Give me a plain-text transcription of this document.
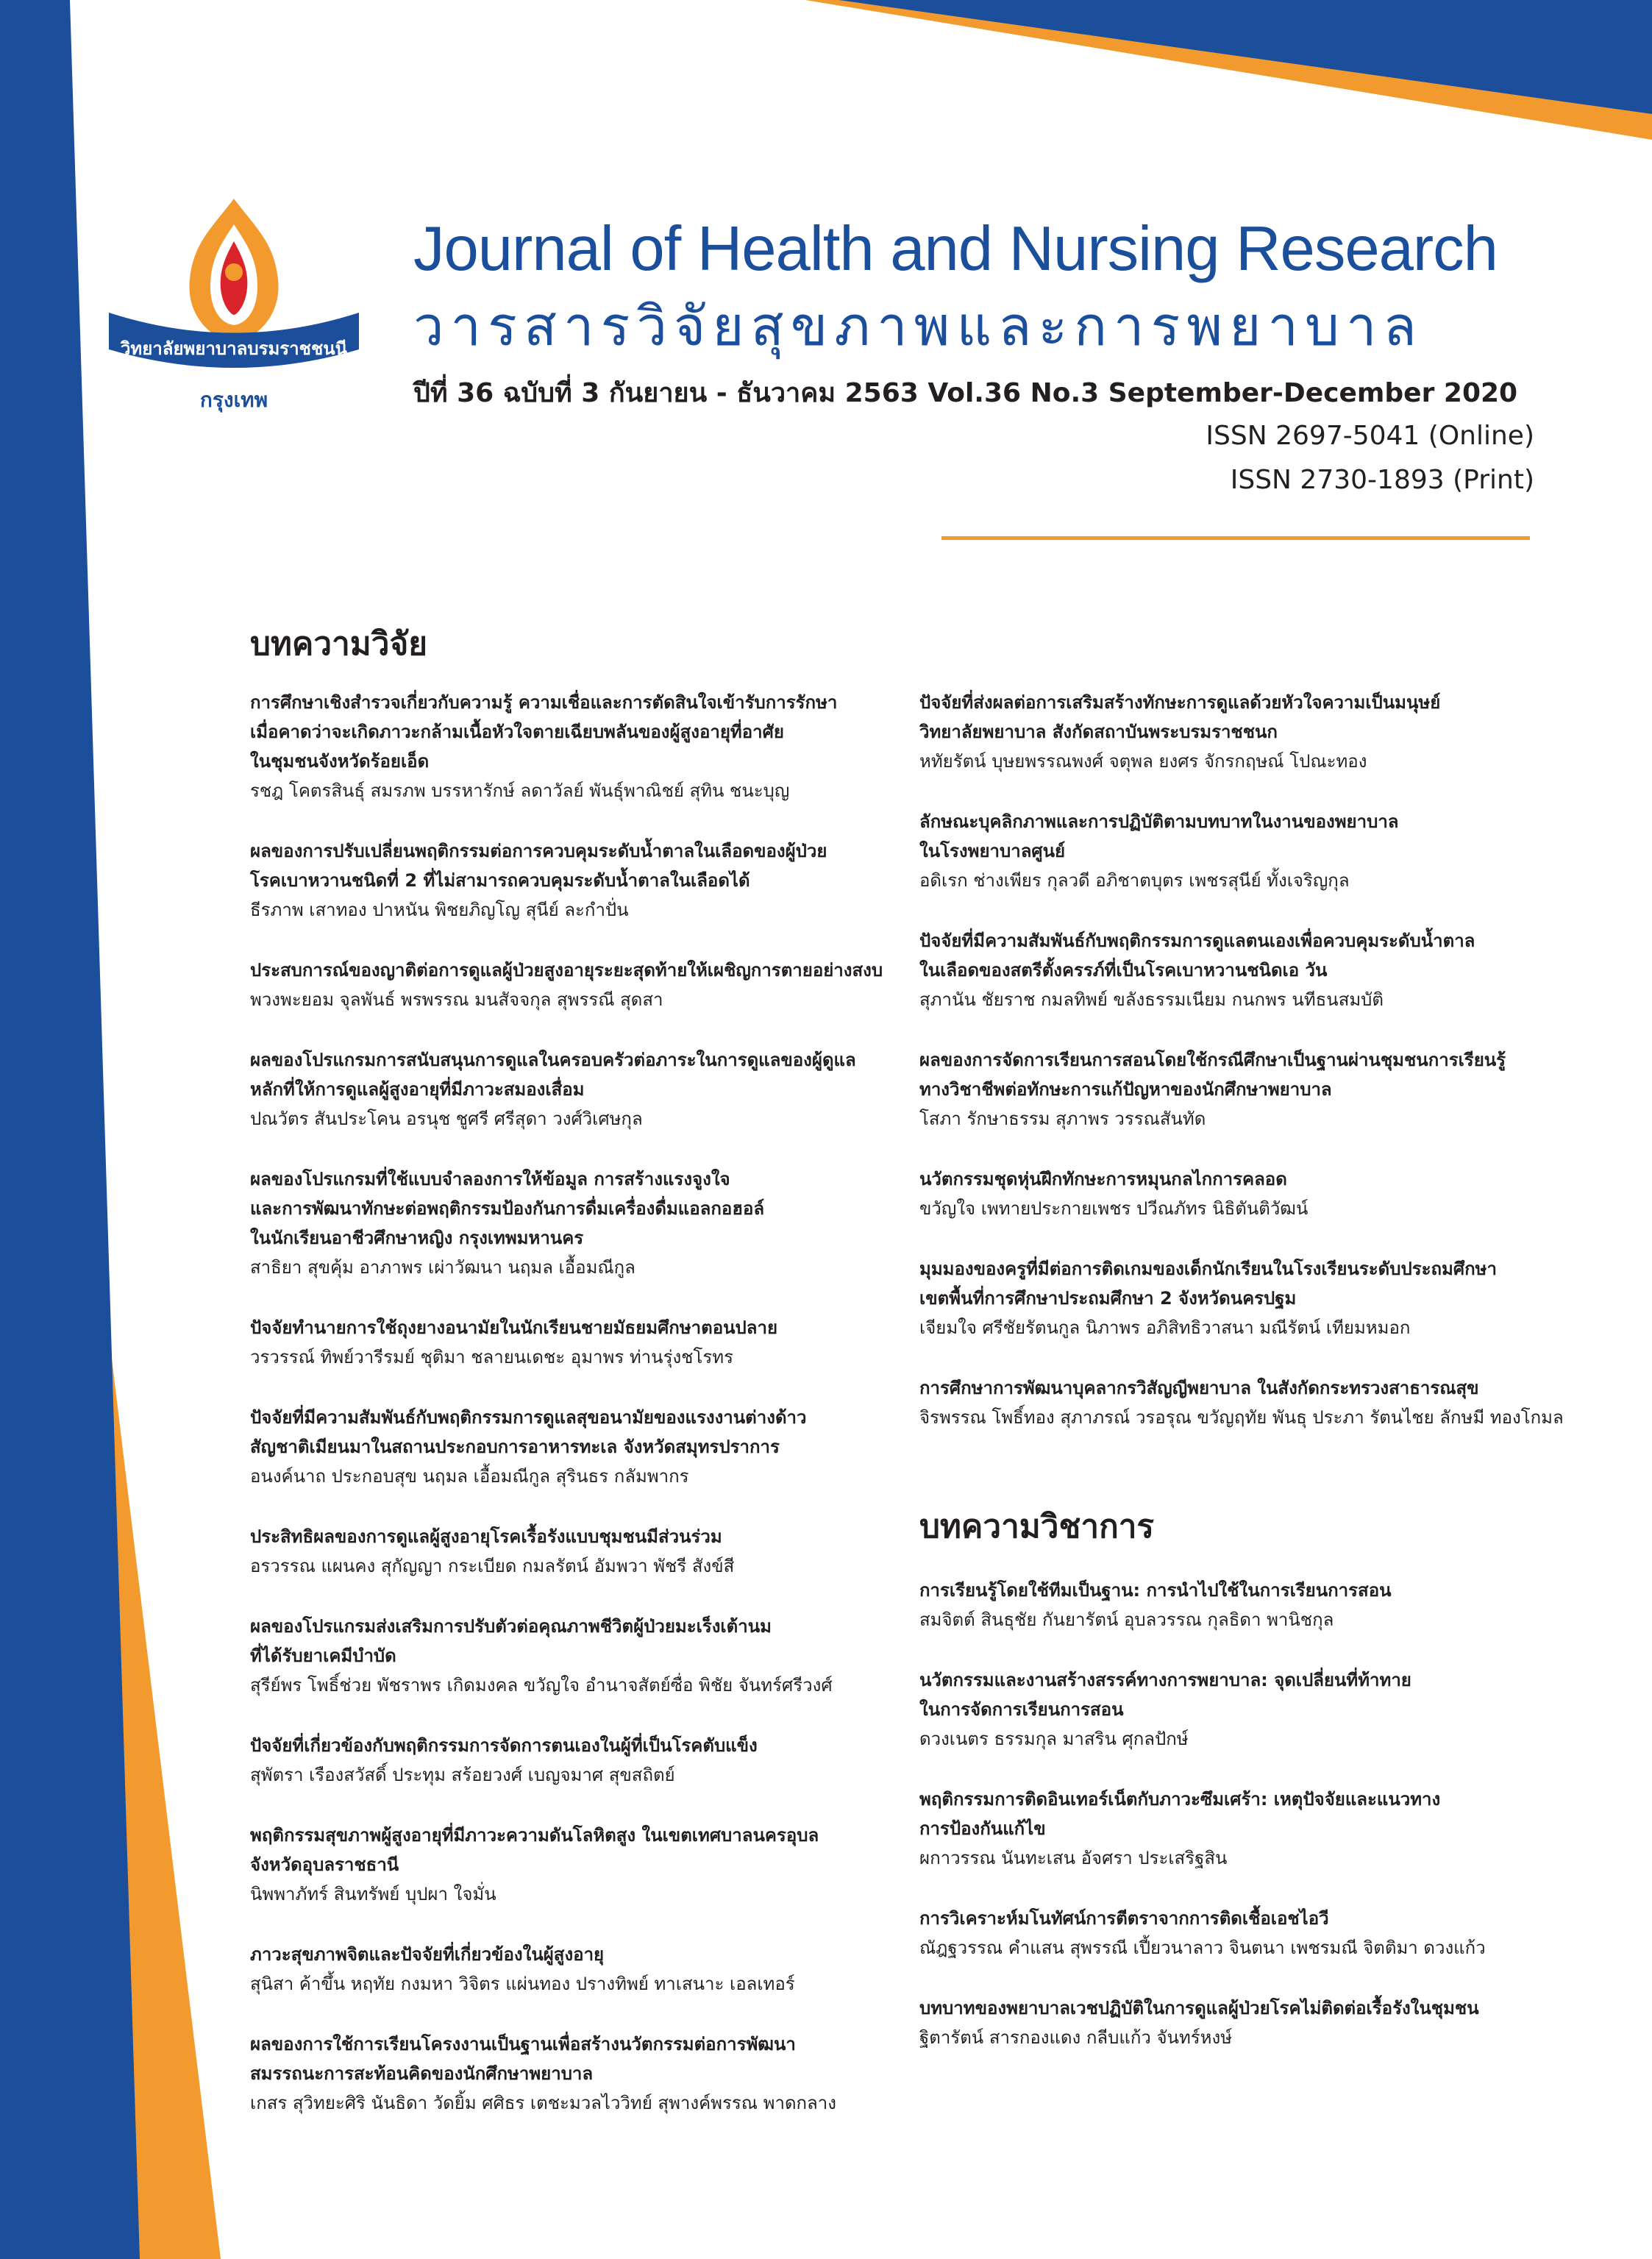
วิทยาลัยพยาบาลบรมราชชนนี
กรุงเทพ
Journal of Health and Nursing Research
วารสารวิจัยสุขภาพและการพยาบาล
ปีที่ 36 ฉบับที่ 3 กันยายน - ธันวาคม 2563 Vol.36 No.3 September-December 2020
ISSN 2697-5041 (Online)
ISSN 2730-1893 (Print)
บทความวิจัย
การศึกษาเชิงสำรวจเกี่ยวกับความรู้ ความเชื่อและการตัดสินใจเข้ารับการรักษา
เมื่อคาดว่าจะเกิดภาวะกล้ามเนื้อหัวใจตายเฉียบพลันของผู้สูงอายุที่อาศัย
ในชุมชนจังหวัดร้อยเอ็ด
รชฎ โคตรสินธุ์ สมรภพ บรรหารักษ์ ลดาวัลย์ พันธุ์พาณิชย์ สุทิน ชนะบุญ
ผลของการปรับเปลี่ยนพฤติกรรมต่อการควบคุมระดับน้ำตาลในเลือดของผู้ป่วย
โรคเบาหวานชนิดที่ 2 ที่ไม่สามารถควบคุมระดับน้ำตาลในเลือดได้
ธีรภาพ เสาทอง ปาหนัน พิชยภิญโญ สุนีย์ ละกำปั่น
ประสบการณ์ของญาติต่อการดูแลผู้ป่วยสูงอายุระยะสุดท้ายให้เผชิญการตายอย่างสงบ
พวงพะยอม จุลพันธ์ พรพรรณ มนสัจจกุล สุพรรณี สุดสา
ผลของโปรแกรมการสนับสนุนการดูแลในครอบครัวต่อภาระในการดูแลของผู้ดูแล
หลักที่ให้การดูแลผู้สูงอายุที่มีภาวะสมองเสื่อม
ปณวัตร สันประโคน อรนุช ชูศรี ศรีสุดา วงศ์วิเศษกุล
ผลของโปรแกรมที่ใช้แบบจำลองการให้ข้อมูล การสร้างแรงจูงใจ
และการพัฒนาทักษะต่อพฤติกรรมป้องกันการดื่มเครื่องดื่มแอลกอฮอล์
ในนักเรียนอาชีวศึกษาหญิง กรุงเทพมหานคร
สาธิยา สุขคุ้ม อาภาพร เผ่าวัฒนา นฤมล เอื้อมณีกูล
ปัจจัยทำนายการใช้ถุงยางอนามัยในนักเรียนชายมัธยมศึกษาตอนปลาย
วรวรรณ์ ทิพย์วารีรมย์ ชุติมา ชลายนเดชะ อุมาพร ท่านรุ่งชโรทร
ปัจจัยที่มีความสัมพันธ์กับพฤติกรรมการดูแลสุขอนามัยของแรงงานต่างด้าว
สัญชาติเมียนมาในสถานประกอบการอาหารทะเล จังหวัดสมุทรปราการ
อนงค์นาถ ประกอบสุข นฤมล เอื้อมณีกูล สุรินธร กลัมพากร
ประสิทธิผลของการดูแลผู้สูงอายุโรคเรื้อรังแบบชุมชนมีส่วนร่วม
อรวรรณ แผนคง สุกัญญา กระเบียด กมลรัตน์ อัมพวา พัชรี สังข์สี
ผลของโปรแกรมส่งเสริมการปรับตัวต่อคุณภาพชีวิตผู้ป่วยมะเร็งเต้านม
ที่ได้รับยาเคมีบำบัด
สุรีย์พร โพธิ์ช่วย พัชราพร เกิดมงคล ขวัญใจ อำนาจสัตย์ซื่อ พิชัย จันทร์ศรีวงศ์
ปัจจัยที่เกี่ยวข้องกับพฤติกรรมการจัดการตนเองในผู้ที่เป็นโรคตับแข็ง
สุพัตรา เรืองสวัสดิ์ ประทุม สร้อยวงศ์ เบญจมาศ สุขสถิตย์
พฤติกรรมสุขภาพผู้สูงอายุที่มีภาวะความดันโลหิตสูง ในเขตเทศบาลนครอุบล
จังหวัดอุบลราชธานี
นิพพาภัทร์ สินทรัพย์ บุปผา ใจมั่น
ภาวะสุขภาพจิตและปัจจัยที่เกี่ยวข้องในผู้สูงอายุ
สุนิสา ค้าขึ้น หฤทัย กงมหา วิจิตร แผ่นทอง ปรางทิพย์ ทาเสนาะ เอลเทอร์
ผลของการใช้การเรียนโครงงานเป็นฐานเพื่อสร้างนวัตกรรมต่อการพัฒนา
สมรรถนะการสะท้อนคิดของนักศึกษาพยาบาล
เกสร สุวิทยะศิริ นันธิดา วัดยิ้ม ศศิธร เตชะมวลไววิทย์ สุพางค์พรรณ พาดกลาง
ปัจจัยที่ส่งผลต่อการเสริมสร้างทักษะการดูแลด้วยหัวใจความเป็นมนุษย์
วิทยาลัยพยาบาล สังกัดสถาบันพระบรมราชชนก
หทัยรัตน์ บุษยพรรณพงศ์ จตุพล ยงศร จักรกฤษณ์ โปณะทอง
ลักษณะบุคลิกภาพและการปฏิบัติตามบทบาทในงานของพยาบาล
ในโรงพยาบาลศูนย์
อดิเรก ช่างเพียร กุลวดี อภิชาตบุตร เพชรสุนีย์ ทั้งเจริญกุล
ปัจจัยที่มีความสัมพันธ์กับพฤติกรรมการดูแลตนเองเพื่อควบคุมระดับน้ำตาล
ในเลือดของสตรีตั้งครรภ์ที่เป็นโรคเบาหวานชนิดเอ วัน
สุภานัน ชัยราช กมลทิพย์ ขลังธรรมเนียม กนกพร นทีธนสมบัติ
ผลของการจัดการเรียนการสอนโดยใช้กรณีศึกษาเป็นฐานผ่านชุมชนการเรียนรู้
ทางวิชาชีพต่อทักษะการแก้ปัญหาของนักศึกษาพยาบาล
โสภา รักษาธรรม สุภาพร วรรณสันทัด
นวัตกรรมชุดหุ่นฝึกทักษะการหมุนกลไกการคลอด
ขวัญใจ เพทายประกายเพชร ปวีณภัทร นิธิตันติวัฒน์
มุมมองของครูที่มีต่อการติดเกมของเด็กนักเรียนในโรงเรียนระดับประถมศึกษา
เขตพื้นที่การศึกษาประถมศึกษา 2 จังหวัดนครปฐม
เจียมใจ ศรีชัยรัตนกูล นิภาพร อภิสิทธิวาสนา มณีรัตน์ เทียมหมอก
การศึกษาการพัฒนาบุคลากรวิสัญญีพยาบาล ในสังกัดกระทรวงสาธารณสุข
จิรพรรณ โพธิ์ทอง สุภาภรณ์ วรอรุณ ขวัญฤทัย พันธุ ประภา รัตนไชย ลักษมี ทองโกมล
บทความวิชาการ
การเรียนรู้โดยใช้ทีมเป็นฐาน: การนำไปใช้ในการเรียนการสอน
สมจิตต์ สินธุชัย กันยารัตน์ อุบลวรรณ กุลธิดา พานิชกุล
นวัตกรรมและงานสร้างสรรค์ทางการพยาบาล: จุดเปลี่ยนที่ท้าทาย
ในการจัดการเรียนการสอน
ดวงเนตร ธรรมกุล มาสริน ศุกลปักษ์
พฤติกรรมการติดอินเทอร์เน็ตกับภาวะซึมเศร้า: เหตุปัจจัยและแนวทาง
การป้องกันแก้ไข
ผกาวรรณ นันทะเสน อัจศรา ประเสริฐสิน
การวิเคราะห์มโนทัศน์การตีตราจากการติดเชื้อเอชไอวี
ณัฎฐวรรณ คำแสน สุพรรณี เปี้ยวนาลาว จินตนา เพชรมณี จิตติมา ดวงแก้ว
บทบาทของพยาบาลเวชปฏิบัติในการดูแลผู้ป่วยโรคไม่ติดต่อเรื้อรังในชุมชน
ฐิตารัตน์ สารกองแดง กลีบแก้ว จันทร์หงษ์
